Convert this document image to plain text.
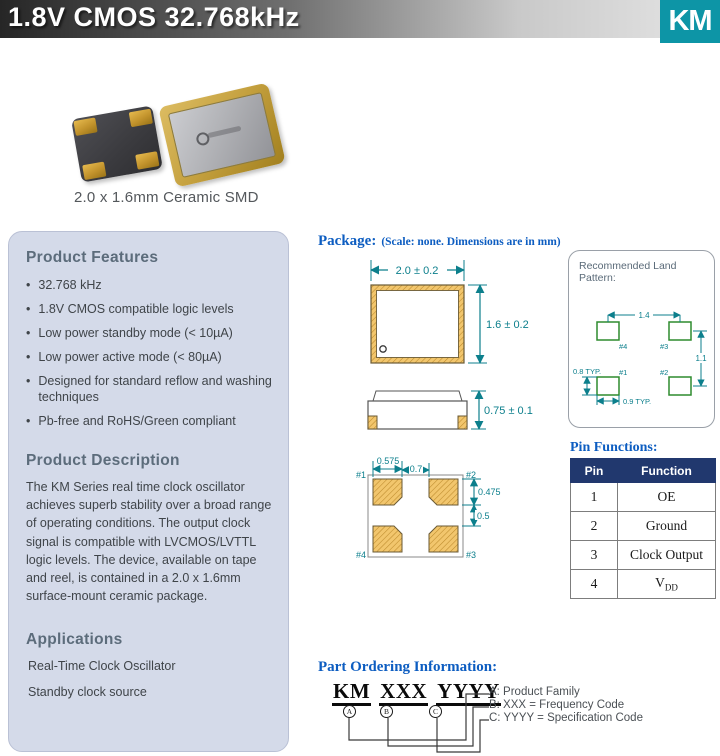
1.8V CMOS 32.768kHz	KM
2.0 x 1.6mm Ceramic SMD
Product Features
• 32.768 kHz
• 1.8V CMOS compatible logic levels
• Low power standby mode (< 10µA)
• Low power active mode (< 80µA)
• Designed for standard reflow and washing techniques
• Pb-free and RoHS/Green compliant
Product Description

The KM Series real time clock oscillator achieves superb stability over a broad range of operating conditions. The output clock signal is compatible with LVCMOS/LVTTL logic levels. The device, available on tape and reel, is contained in a 2.0 x 1.6mm surface-mount ceramic package.

Applications
Real-Time Clock Oscillator
Standby clock source
Package: (Scale: none. Dimensions are in mm)
2.0 ± 0.2
1.6 ± 0.2
0.75 ± 0.1
#1	#2
#3
#4
0.575
0.7
0.475
0.5
Recommended Land Pattern:
#4	#3
#1	#2
1.4
1.1
0.8 TYP.
0.9 TYP.
Pin Functions:
Pin	Function
1	OE
2	Ground
3	Clock Output
4	$V_{DD}$
Part Ordering Information:
KM XXX YYYY
A	B	C
A: Product Family
B: XXX = Frequency Code
C: YYYY = Specification Code
